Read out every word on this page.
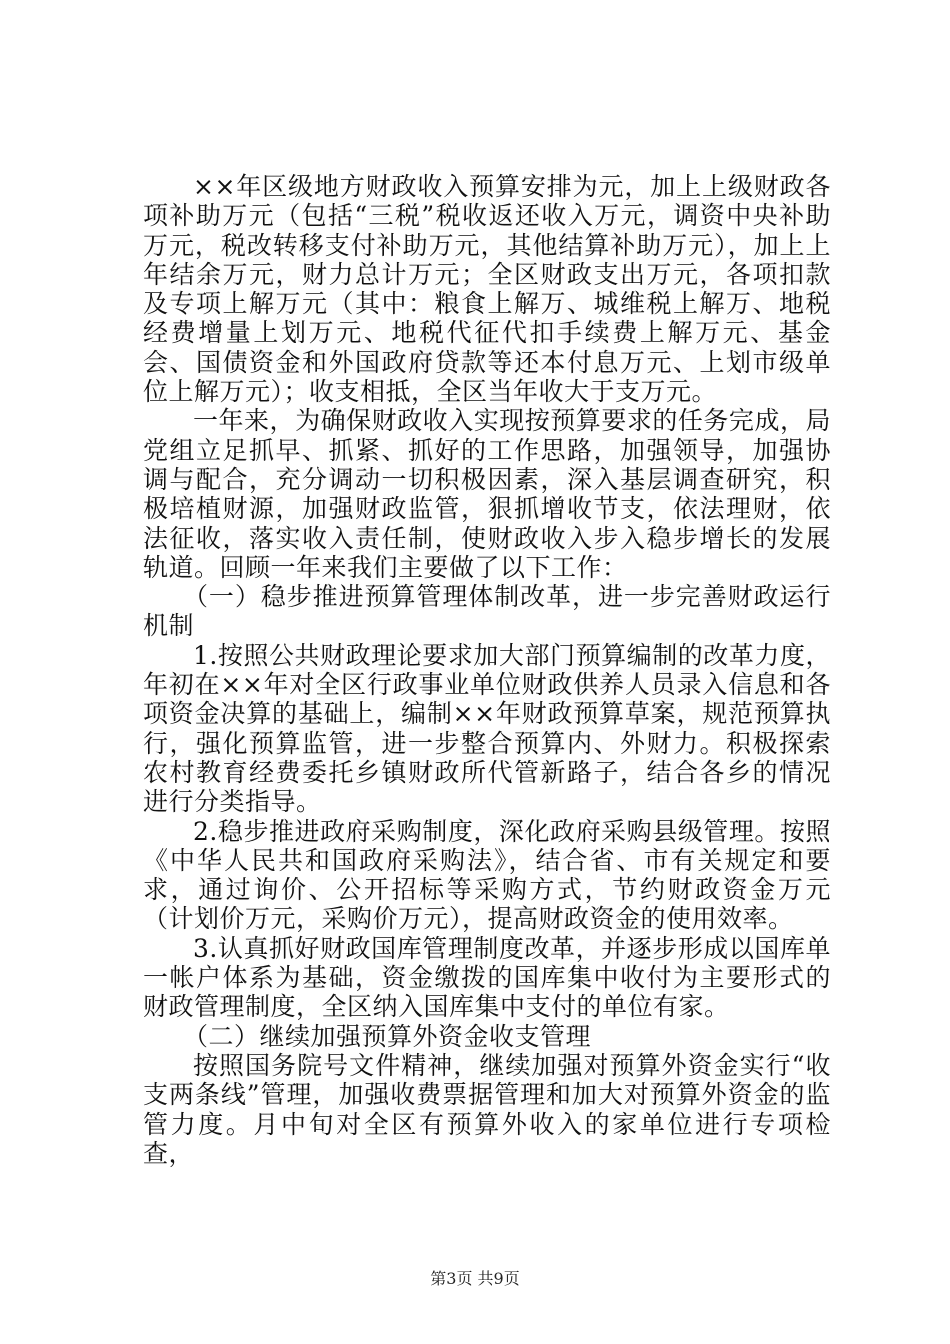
××年区级地方财政收入预算安排为元，加上上级财政各项补助万元（包括“三税”税收返还收入万元，调资中央补助万元，税改转移支付补助万元，其他结算补助万元），加上上年结余万元，财力总计万元；全区财政支出万元，各项扣款及专项上解万元（其中：粮食上解万、城维税上解万、地税经费增量上划万元、地税代征代扣手续费上解万元、基金会、国债资金和外国政府贷款等还本付息万元、上划市级单位上解万元）；收支相抵，全区当年收大于支万元。

一年来，为确保财政收入实现按预算要求的任务完成，局党组立足抓早、抓紧、抓好的工作思路，加强领导，加强协调与配合，充分调动一切积极因素，深入基层调查研究，积极培植财源，加强财政监管，狠抓增收节支，依法理财，依法征收，落实收入责任制，使财政收入步入稳步增长的发展轨道。回顾一年来我们主要做了以下工作：

（一）稳步推进预算管理体制改革，进一步完善财政运行机制

1.按照公共财政理论要求加大部门预算编制的改革力度，年初在××年对全区行政事业单位财政供养人员录入信息和各项资金决算的基础上，编制××年财政预算草案，规范预算执行，强化预算监管，进一步整合预算内、外财力。积极探索农村教育经费委托乡镇财政所代管新路子，结合各乡的情况进行分类指导。

2.稳步推进政府采购制度，深化政府采购县级管理。按照《中华人民共和国政府采购法》，结合省、市有关规定和要求，通过询价、公开招标等采购方式，节约财政资金万元（计划价万元，采购价万元），提高财政资金的使用效率。

3.认真抓好财政国库管理制度改革，并逐步形成以国库单一帐户体系为基础，资金缴拨的国库集中收付为主要形式的财政管理制度，全区纳入国库集中支付的单位有家。

（二）继续加强预算外资金收支管理

按照国务院号文件精神，继续加强对预算外资金实行“收支两条线”管理，加强收费票据管理和加大对预算外资金的监管力度。月中旬对全区有预算外收入的家单位进行专项检查，

第3页 共9页
